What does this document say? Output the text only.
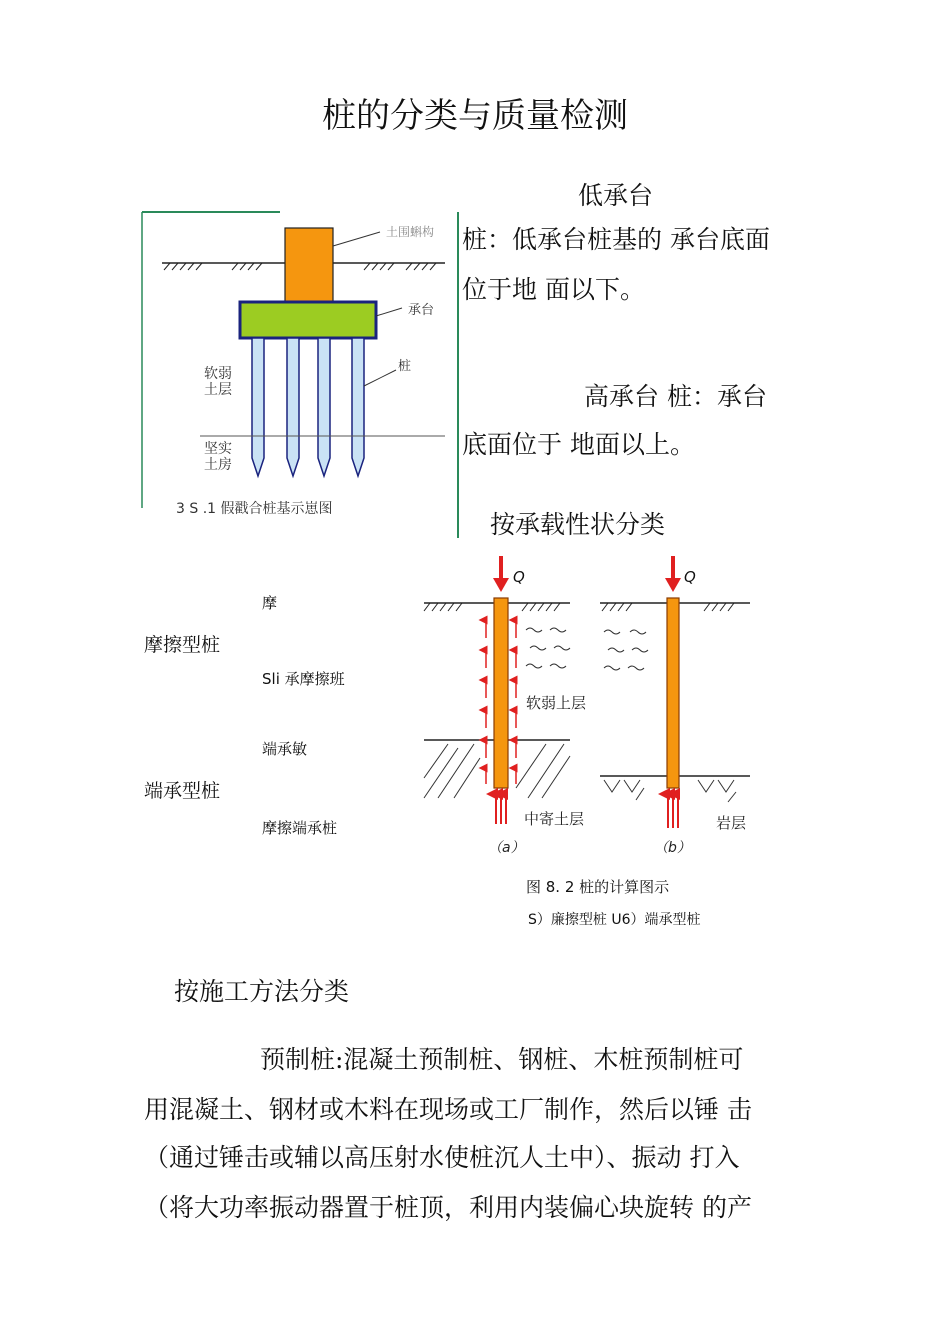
桩的分类与质量检测
低承台
桩：低承台桩基的 承台底面
位于地 面以下。
高承台 桩：承台
底面位于 地面以上。
土围蝌构
承台
桩
软弱
土层
坚实
土房
3 S .1 假戳合桩基示崽图
按承载性状分类
摩
摩擦型桩
Sli 承摩擦班
端承敏
端承型桩
摩擦端承桩
Q
软弱上层
中寄土层
（a）
Q
岩层
（b）
图 8. 2 桩的计算图示
S）廉擦型桩 U6）端承型桩
按施工方法分类
预制桩:混凝土预制桩、钢桩、木桩预制桩可
用混凝土、钢材或木料在现场或工厂制作，然后以锤 击
（通过锤击或辅以高压射水使桩沉人土中）、振动 打入
（将大功率振动器置于桩顶，利用内装偏心块旋转 的产
